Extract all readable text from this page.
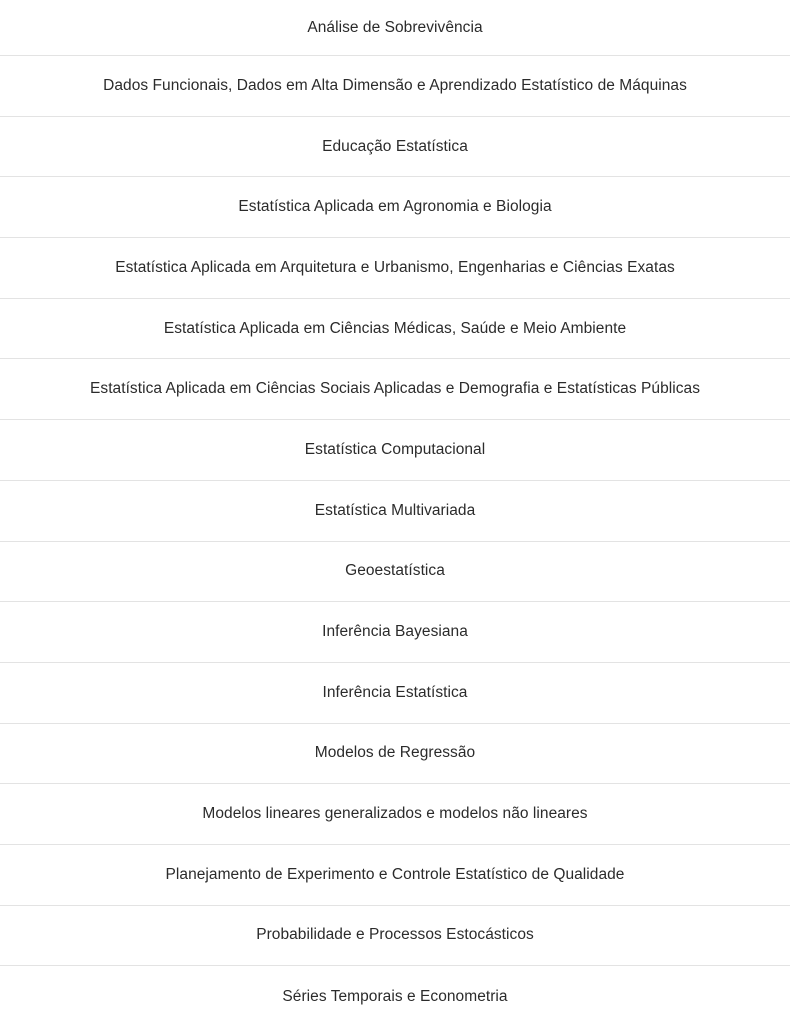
Análise de Sobrevivência
Dados Funcionais, Dados em Alta Dimensão e Aprendizado Estatístico de Máquinas
Educação Estatística
Estatística Aplicada em Agronomia e Biologia
Estatística Aplicada em Arquitetura e Urbanismo, Engenharias e Ciências Exatas
Estatística Aplicada em Ciências Médicas, Saúde e Meio Ambiente
Estatística Aplicada em Ciências Sociais Aplicadas e Demografia e Estatísticas Públicas
Estatística Computacional
Estatística Multivariada
Geoestatística
Inferência Bayesiana
Inferência Estatística
Modelos de Regressão
Modelos lineares generalizados e modelos não lineares
Planejamento de Experimento e Controle Estatístico de Qualidade
Probabilidade e Processos Estocásticos
Séries Temporais e Econometria
